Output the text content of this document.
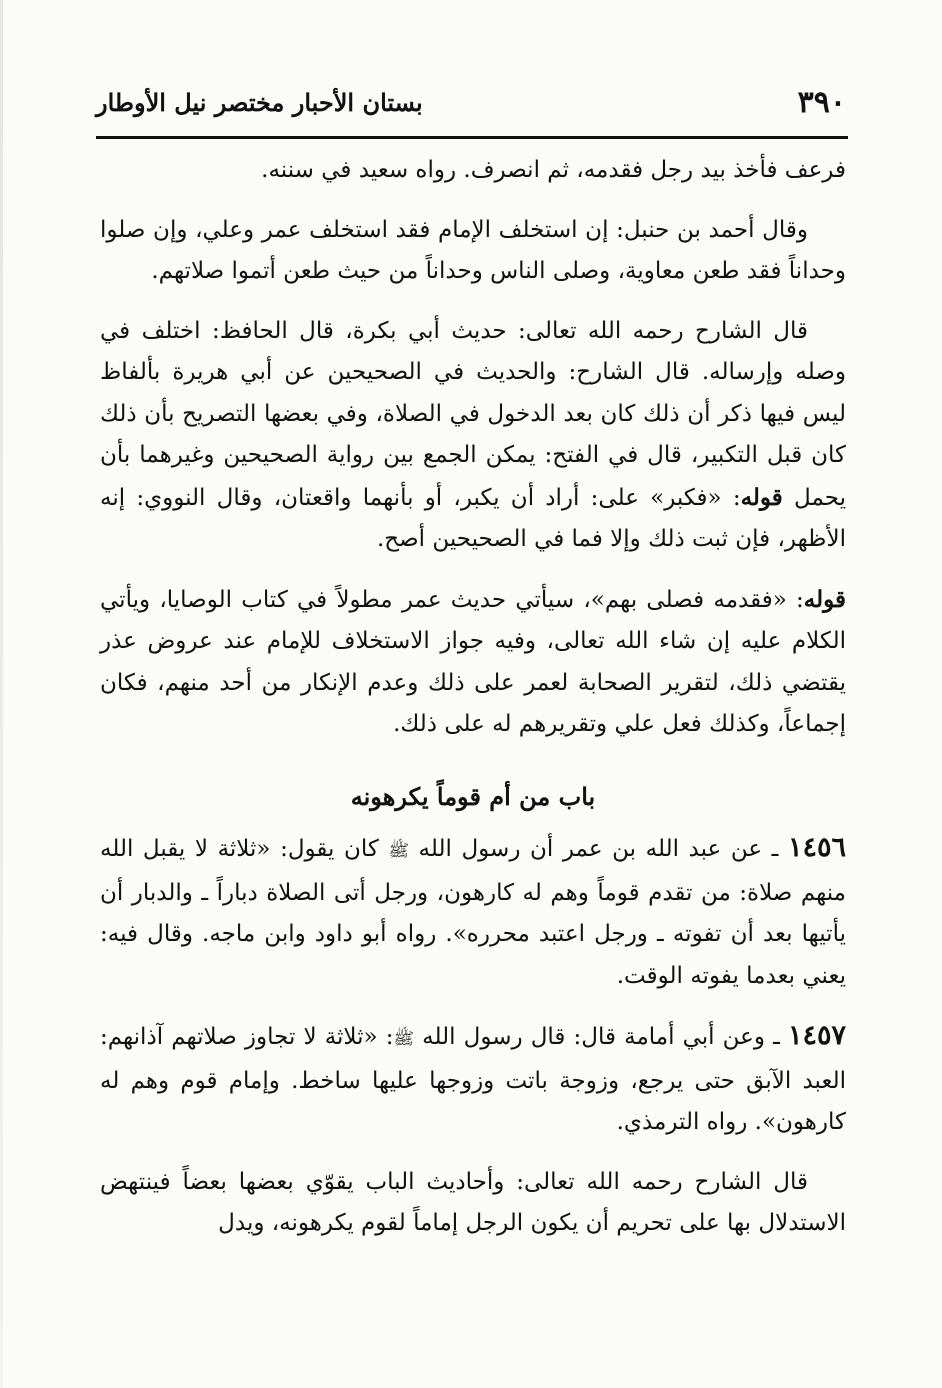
٣٩٠
بستان الأحبار مختصر نيل الأوطار

فرعف فأخذ بيد رجل فقدمه، ثم انصرف. رواه سعيد في سننه.

وقال أحمد بن حنبل: إن استخلف الإمام فقد استخلف عمر وعلي، وإن صلوا وحداناً فقد طعن معاوية، وصلى الناس وحداناً من حيث طعن أتموا صلاتهم.

قال الشارح رحمه الله تعالى: حديث أبي بكرة، قال الحافظ: اختلف في وصله وإرساله. قال الشارح: والحديث في الصحيحين عن أبي هريرة بألفاظ ليس فيها ذكر أن ذلك كان بعد الدخول في الصلاة، وفي بعضها التصريح بأن ذلك كان قبل التكبير، قال في الفتح: يمكن الجمع بين رواية الصحيحين وغيرهما بأن يحمل قوله: «فكبر» على: أراد أن يكبر، أو بأنهما واقعتان، وقال النووي: إنه الأظهر، فإن ثبت ذلك وإلا فما في الصحيحين أصح.

قوله: «فقدمه فصلى بهم»، سيأتي حديث عمر مطولاً في كتاب الوصايا، ويأتي الكلام عليه إن شاء الله تعالى، وفيه جواز الاستخلاف للإمام عند عروض عذر يقتضي ذلك، لتقرير الصحابة لعمر على ذلك وعدم الإنكار من أحد منهم، فكان إجماعاً، وكذلك فعل علي وتقريرهم له على ذلك.

باب من أم قوماً يكرهونه

١٤٥٦ ـ عن عبد الله بن عمر أن رسول الله ﷺ كان يقول: «ثلاثة لا يقبل الله منهم صلاة: من تقدم قوماً وهم له كارهون، ورجل أتى الصلاة دباراً ـ والدبار أن يأتيها بعد أن تفوته ـ ورجل اعتبد محرره». رواه أبو داود وابن ماجه. وقال فيه: يعني بعدما يفوته الوقت.

١٤٥٧ ـ وعن أبي أمامة قال: قال رسول الله ﷺ: «ثلاثة لا تجاوز صلاتهم آذانهم: العبد الآبق حتى يرجع، وزوجة باتت وزوجها عليها ساخط. وإمام قوم وهم له كارهون». رواه الترمذي.

قال الشارح رحمه الله تعالى: وأحاديث الباب يقوّي بعضها بعضاً فينتهض الاستدلال بها على تحريم أن يكون الرجل إماماً لقوم يكرهونه، ويدل
